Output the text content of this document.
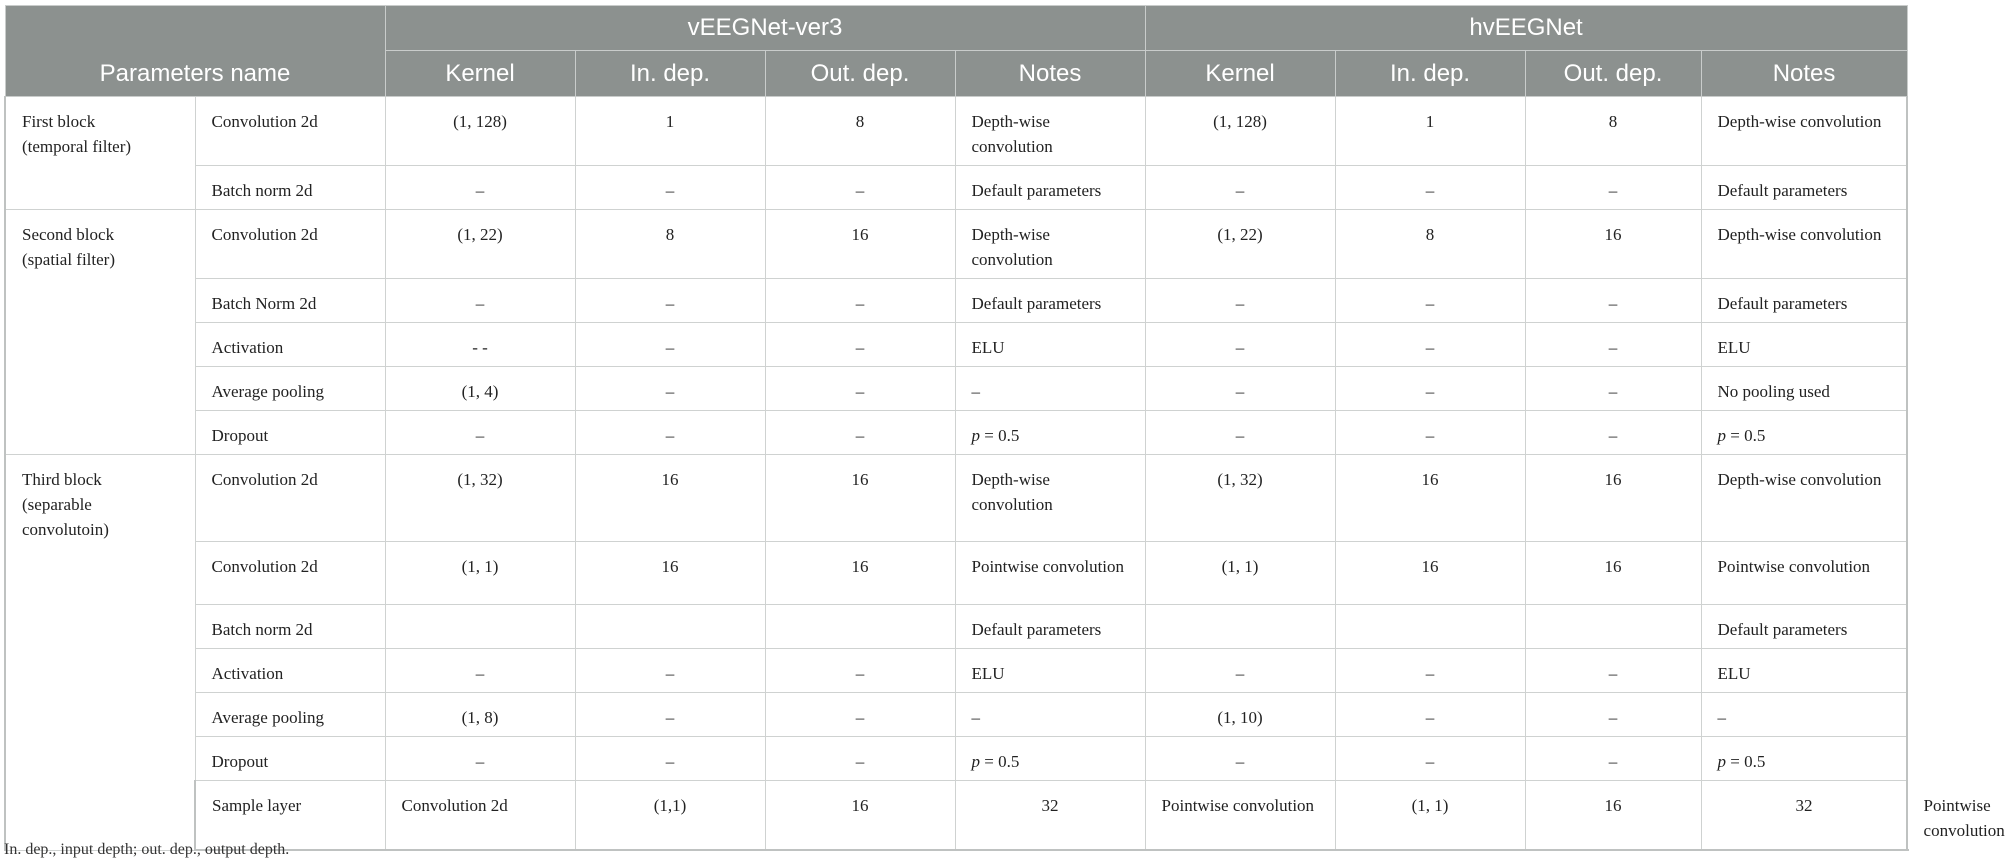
Parameters name		vEEGNet-ver3				hvEEGNet				
		Kernel	In. dep.	Out. dep.	Notes	Kernel	In. dep.	Out. dep.	Notes	
First block
(temporal filter)	Convolution 2d	(1, 128)	1	8	Depth-wise convolution	(1, 128)	1	8	Depth-wise convolution	
	Batch norm 2d	–	–	–	Default parameters	–	–	–	Default parameters	
Second block
(spatial filter)	Convolution 2d	(1, 22)	8	16	Depth-wise convolution	(1, 22)	8	16	Depth-wise convolution	
	Batch Norm 2d	–	–	–	Default parameters	–	–	–	Default parameters	
	Activation	- -	–	–	ELU	–	–	–	ELU	
	Average pooling	(1, 4)	–	–	–	–	–	–	No pooling used	
	Dropout	–	–	–	p = 0.5	–	–	–	p = 0.5	
Third block
(separable
convolutoin)	Convolution 2d	(1, 32)	16	16	Depth-wise convolution	(1, 32)	16	16	Depth-wise convolution	
	Convolution 2d	(1, 1)	16	16	Pointwise convolution	(1, 1)	16	16	Pointwise convolution	
	Batch norm 2d				Default parameters				Default parameters	
	Activation	–	–	–	ELU	–	–	–	ELU	
	Average pooling	(1, 8)	–	–	–	(1, 10)	–	–	–	
	Dropout	–	–	–	p = 0.5	–	–	–	p = 0.5	
	Sample layer	Convolution 2d	(1,1)	16	32	Pointwise convolution	(1, 1)	16	32	Pointwise convolution
In. dep., input depth; out. dep., output depth.
